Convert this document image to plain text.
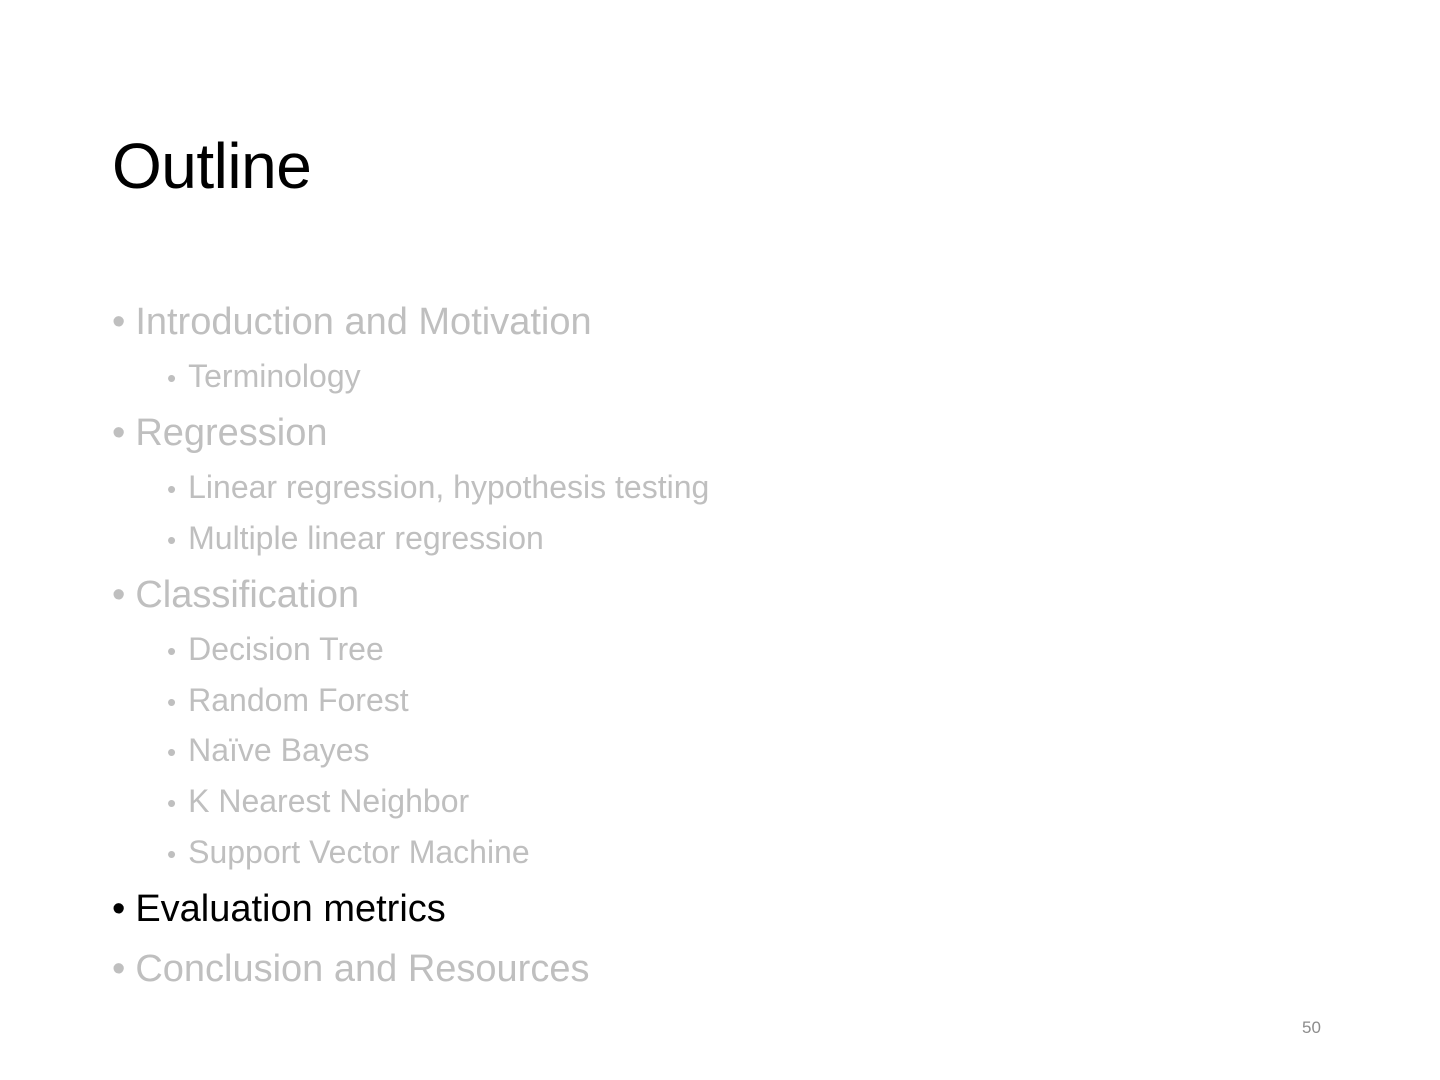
Outline
• Introduction and Motivation
• Terminology
• Regression
• Linear regression, hypothesis testing
• Multiple linear regression
• Classification
• Decision Tree
• Random Forest
• Naïve Bayes
• K Nearest Neighbor
• Support Vector Machine
• Evaluation metrics
• Conclusion and Resources
50
